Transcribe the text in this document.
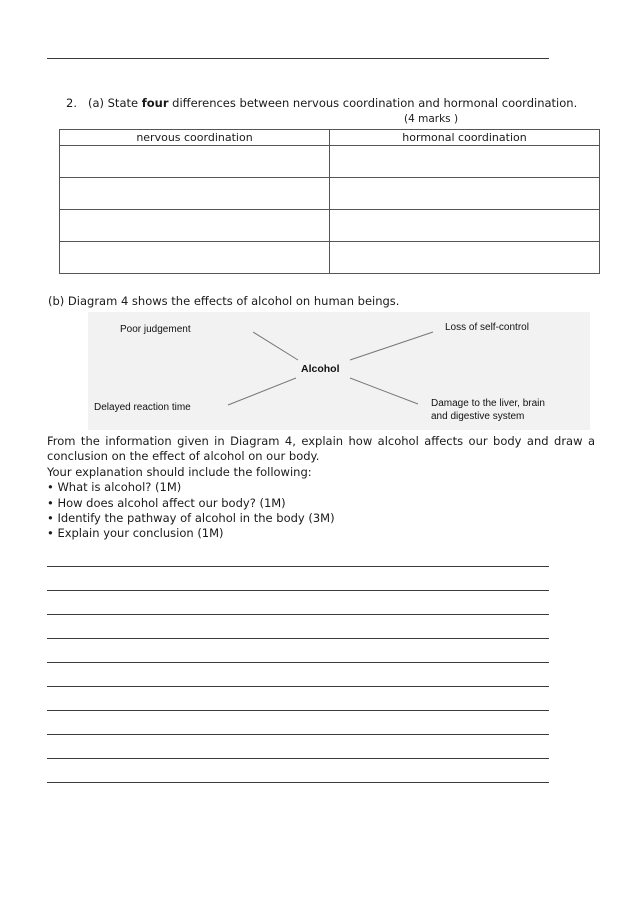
2. (a) State four differences between nervous coordination and hormonal coordination.
(4 marks )
nervous coordination	hormonal coordination

(b) Diagram 4 shows the effects of alcohol on human beings.
Alcohol
Poor judgement	Loss of self-control
Delayed reaction time	Damage to the liver, brain
and digestive system

From the information given in Diagram 4, explain how alcohol affects our body and draw a

conclusion on the effect of alcohol on our body.

Your explanation should include the following:

• What is alcohol? (1M)

• How does alcohol affect our body? (1M)

• Identify the pathway of alcohol in the body (3M)

• Explain your conclusion (1M)
